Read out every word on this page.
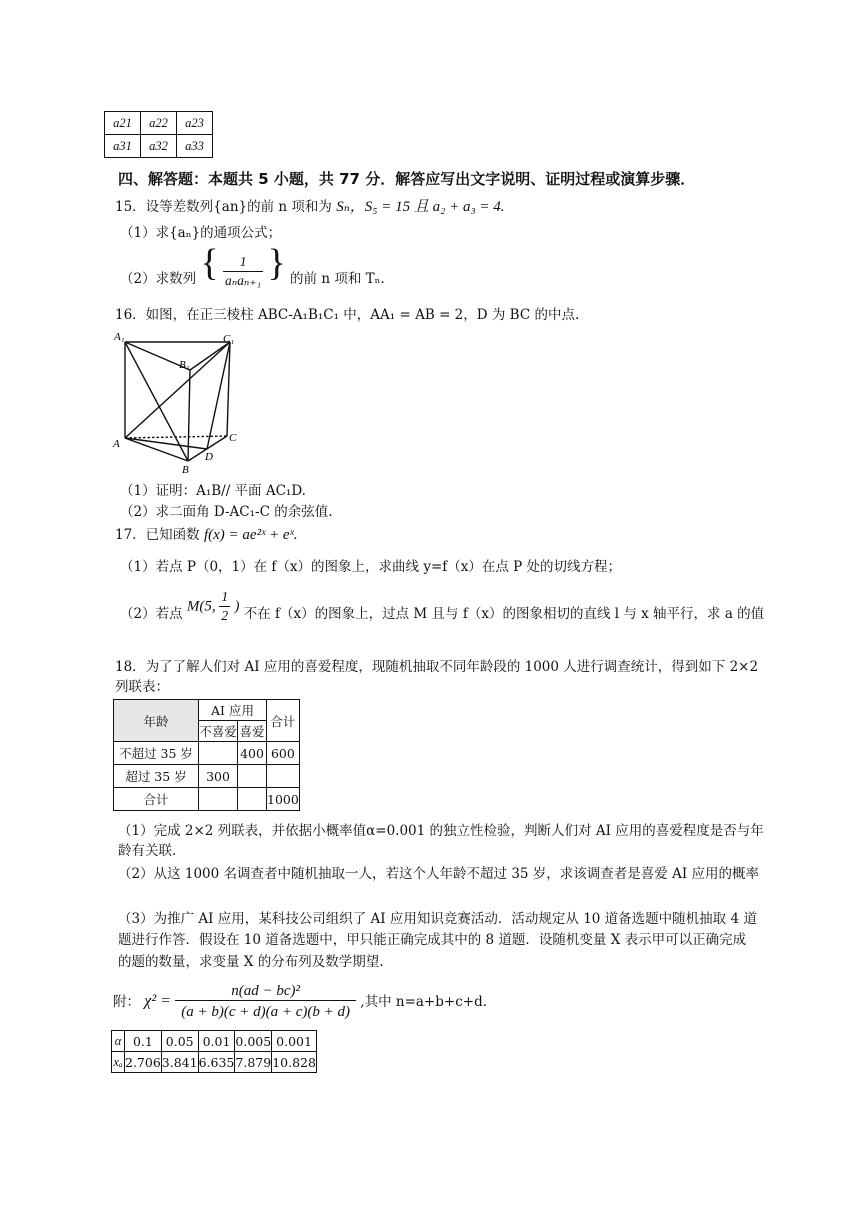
a21	a22	a23
a31	a32	a33
四、解答题：本题共 5 小题，共 77 分．解答应写出文字说明、证明过程或演算步骤．
15．设等差数列{an}的前 n 项和为 Sₙ，S₅ = 15 且 a₂ + a₃ = 4.
（1）求{aₙ}的通项公式；
（2）求数列 { $\frac{1}{\text{aₙaₙ₊₁}}$ } 的前 n 项和 Tₙ.
16．如图，在正三棱柱 ABC-A₁B₁C₁ 中，AA₁ = AB = 2，D 为 BC 的中点.
A₁	C₁
B₁
A	C
D
B
（1）证明：A₁B// 平面 AC₁D.
（2）求二面角 D-AC₁-C 的余弦值.
17．已知函数 f(x) = ae²ˣ + eˣ.
（1）若点 P（0，1）在 f（x）的图象上，求曲线 y=f（x）在点 P 处的切线方程；
（2）若点 M(5, $\frac{1}{2}$ ) 不在 f（x）的图象上，过点 M 且与 f（x）的图象相切的直线 l 与 x 轴平行，求 a 的值
18．为了了解人们对 AI 应用的喜爱程度，现随机抽取不同年龄段的 1000 人进行调查统计，得到如下 2×2
列联表：
年龄	AI 应用		合计
	不喜爱	喜爱	
不超过 35 岁		400	600
超过 35 岁	300		
合计			1000
（1）完成 2×2 列联表，并依据小概率值α=0.001 的独立性检验，判断人们对 AI 应用的喜爱程度是否与年
龄有关联.
（2）从这 1000 名调查者中随机抽取一人，若这个人年龄不超过 35 岁，求该调查者是喜爱 AI 应用的概率
（3）为推广 AI 应用，某科技公司组织了 AI 应用知识竞赛活动．活动规定从 10 道备选题中随机抽取 4 道
题进行作答．假设在 10 道备选题中，甲只能正确完成其中的 8 道题．设随机变量 X 表示甲可以正确完成
的题的数量，求变量 X 的分布列及数学期望.
附： $\chi^2 = \frac{\text{n(ad − bc)²}}{(a + b)(c + d)(a + c)(b + d)}$ ,其中 n=a+b+c+d.
α	0.1	0.05	0.01	0.005	0.001
xₐ	2.706	3.841	6.635	7.879	10.828
